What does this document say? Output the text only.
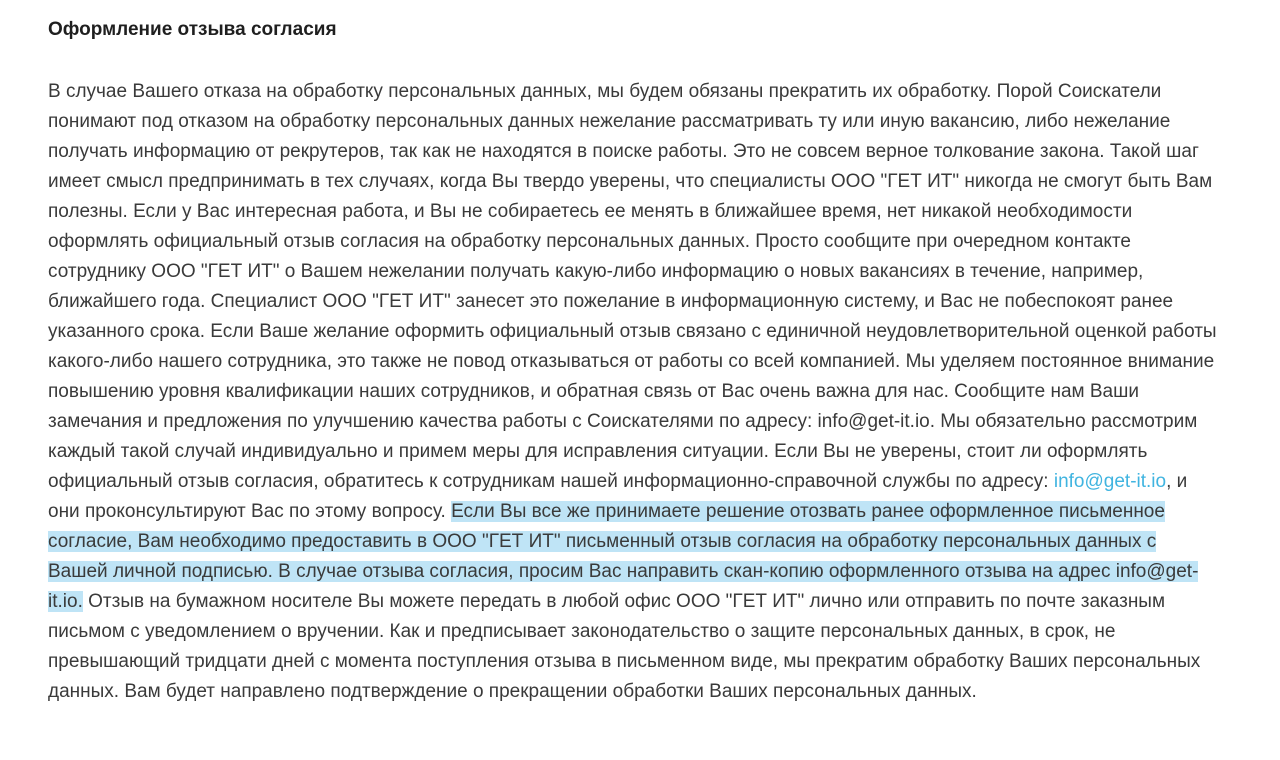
Оформление отзыва согласия

В случае Вашего отказа на обработку персональных данных, мы будем обязаны прекратить их обработку. Порой Соискатели понимают под отказом на обработку персональных данных нежелание рассматривать ту или иную вакансию, либо нежелание получать информацию от рекрутеров, так как не находятся в поиске работы. Это не совсем верное толкование закона. Такой шаг имеет смысл предпринимать в тех случаях, когда Вы твердо уверены, что специалисты ООО "ГЕТ ИТ" никогда не смогут быть Вам полезны. Если у Вас интересная работа, и Вы не собираетесь ее менять в ближайшее время, нет никакой необходимости оформлять официальный отзыв согласия на обработку персональных данных. Просто сообщите при очередном контакте сотруднику ООО "ГЕТ ИТ" о Вашем нежелании получать какую-либо информацию о новых вакансиях в течение, например, ближайшего года. Специалист ООО "ГЕТ ИТ" занесет это пожелание в информационную систему, и Вас не побеспокоят ранее указанного срока. Если Ваше желание оформить официальный отзыв связано с единичной неудовлетворительной оценкой работы какого-либо нашего сотрудника, это также не повод отказываться от работы со всей компанией. Мы уделяем постоянное внимание повышению уровня квалификации наших сотрудников, и обратная связь от Вас очень важна для нас. Сообщите нам Ваши замечания и предложения по улучшению качества работы с Соискателями по адресу: info@get-it.io. Мы обязательно рассмотрим каждый такой случай индивидуально и примем меры для исправления ситуации. Если Вы не уверены, стоит ли оформлять официальный отзыв согласия, обратитесь к сотрудникам нашей информационно-справочной службы по адресу: info@get-it.io, и они проконсультируют Вас по этому вопросу. Если Вы все же принимаете решение отозвать ранее оформленное письменное согласие, Вам необходимо предоставить в ООО "ГЕТ ИТ" письменный отзыв согласия на обработку персональных данных с Вашей личной подписью. В случае отзыва согласия, просим Вас направить скан-копию оформленного отзыва на адрес info@get-it.io. Отзыв на бумажном носителе Вы можете передать в любой офис ООО "ГЕТ ИТ" лично или отправить по почте заказным письмом с уведомлением о вручении. Как и предписывает законодательство о защите персональных данных, в срок, не превышающий тридцати дней с момента поступления отзыва в письменном виде, мы прекратим обработку Ваших персональных данных. Вам будет направлено подтверждение о прекращении обработки Ваших персональных данных.
